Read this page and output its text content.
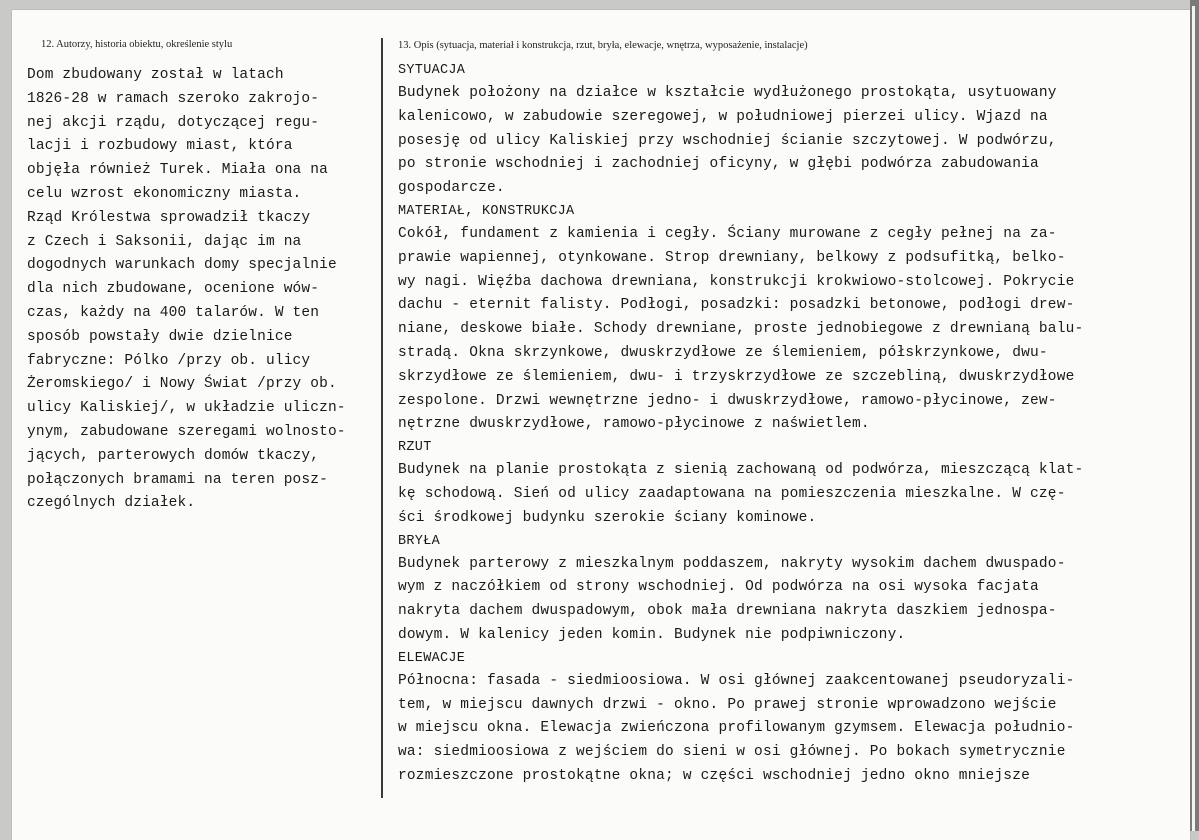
12. Autorzy, historia obiektu, określenie stylu	13. Opis (sytuacja, materiał i konstrukcja, rzut, bryła, elewacje, wnętrza, wyposażenie, instalacje)
Dom zbudowany został w latach
1826-28 w ramach szeroko zakrojo-
nej akcji rządu, dotyczącej regu-
lacji i rozbudowy miast, która
objęła również Turek. Miała ona na
celu wzrost ekonomiczny miasta.
Rząd Królestwa sprowadził tkaczy
z Czech i Saksonii, dając im na
dogodnych warunkach domy specjalnie
dla nich zbudowane, ocenione wów-
czas, każdy na 400 talarów. W ten
sposób powstały dwie dzielnice
fabryczne: Pólko /przy ob. ulicy
Żeromskiego/ i Nowy Świat /przy ob.
ulicy Kaliskiej/, w układzie uliczn-
ynym, zabudowane szeregami wolnosto-
jących, parterowych domów tkaczy,
połączonych bramami na teren posz-
czególnych działek.
SYTUACJA
Budynek położony na działce w kształcie wydłużonego prostokąta, usytuowany
kalenicowo, w zabudowie szeregowej, w południowej pierzei ulicy. Wjazd na
posesję od ulicy Kaliskiej przy wschodniej ścianie szczytowej. W podwórzu,
po stronie wschodniej i zachodniej oficyny, w głębi podwórza zabudowania
gospodarcze.
MATERIAŁ, KONSTRUKCJA
Cokół, fundament z kamienia i cegły. Ściany murowane z cegły pełnej na za-
prawie wapiennej, otynkowane. Strop drewniany, belkowy z podsufitką, belko-
wy nagi. Więźba dachowa drewniana, konstrukcji krokwiowo-stolcowej. Pokrycie
dachu - eternit falisty. Podłogi, posadzki: posadzki betonowe, podłogi drew-
niane, deskowe białe. Schody drewniane, proste jednobiegowe z drewnianą balu-
stradą. Okna skrzynkowe, dwuskrzydłowe ze ślemieniem, półskrzynkowe, dwu-
skrzydłowe ze ślemieniem, dwu- i trzyskrzydłowe ze szczebliną, dwuskrzydłowe
zespolone. Drzwi wewnętrzne jedno- i dwuskrzydłowe, ramowo-płycinowe, zew-
nętrzne dwuskrzydłowe, ramowo-płycinowe z naświetlem.
RZUT
Budynek na planie prostokąta z sienią zachowaną od podwórza, mieszczącą klat-
kę schodową. Sień od ulicy zaadaptowana na pomieszczenia mieszkalne. W czę-
ści środkowej budynku szerokie ściany kominowe.
BRYŁA
Budynek parterowy z mieszkalnym poddaszem, nakryty wysokim dachem dwuspado-
wym z naczółkiem od strony wschodniej. Od podwórza na osi wysoka facjata
nakryta dachem dwuspadowym, obok mała drewniana nakryta daszkiem jednospa-
dowym. W kalenicy jeden komin. Budynek nie podpiwniczony.
ELEWACJE
Północna: fasada - siedmioosiowa. W osi głównej zaakcentowanej pseudoryzali-
tem, w miejscu dawnych drzwi - okno. Po prawej stronie wprowadzono wejście
w miejscu okna. Elewacja zwieńczona profilowanym gzymsem. Elewacja południo-
wa: siedmioosiowa z wejściem do sieni w osi głównej. Po bokach symetrycznie
rozmieszczone prostokątne okna; w części wschodniej jedno okno mniejsze
